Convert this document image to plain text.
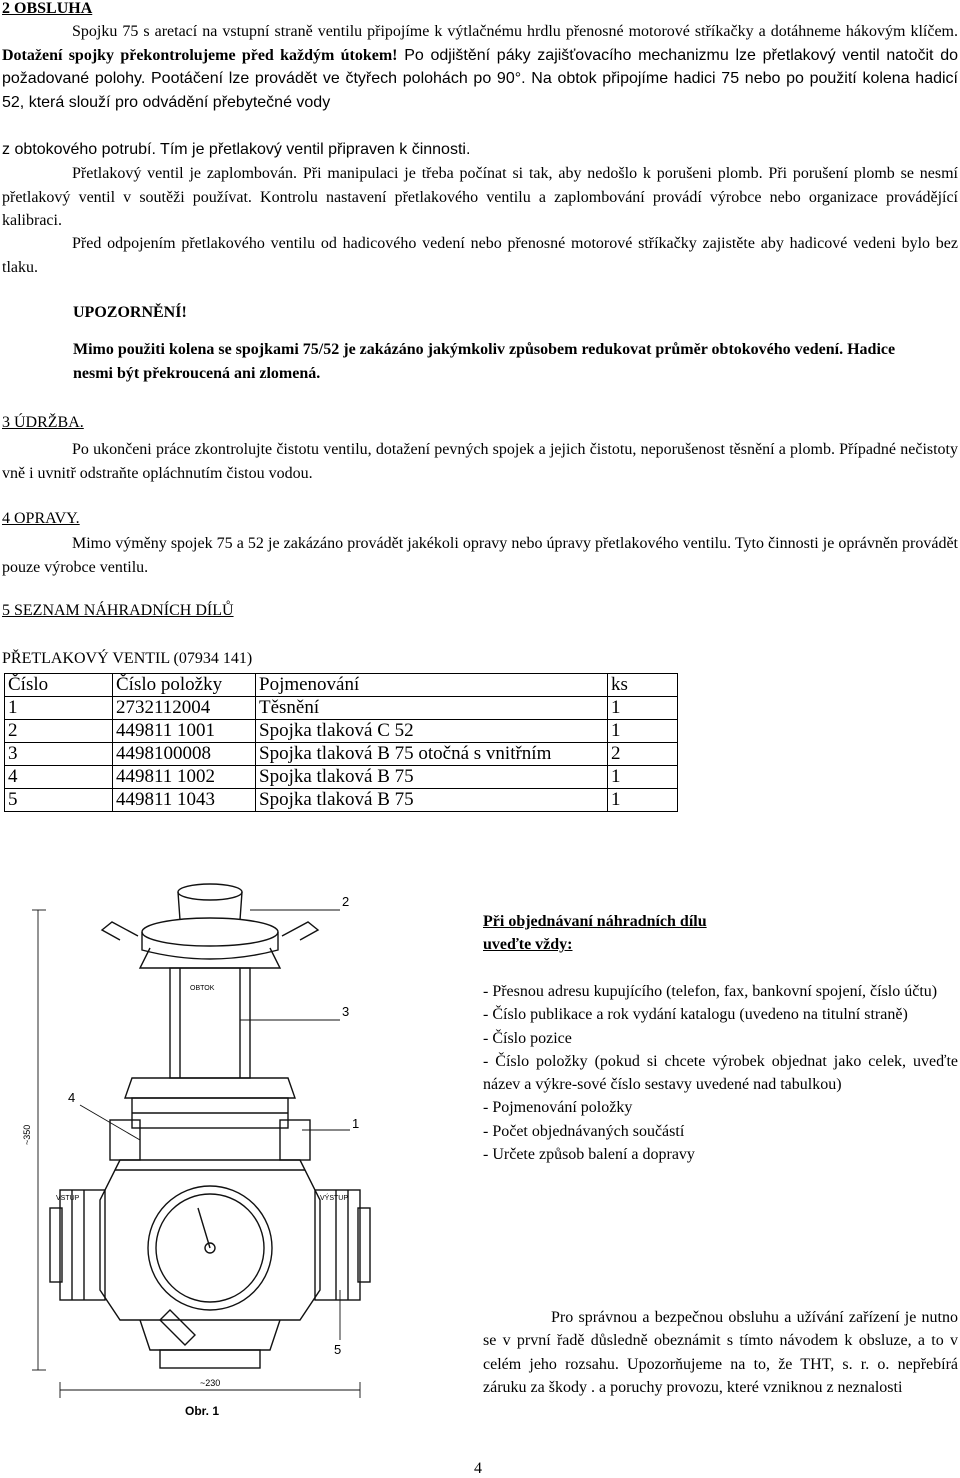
2 OBSLUHA
Spojku 75 s aretací na vstupní straně ventilu připojíme k výtlačnému hrdlu přenosné motorové stříkačky a dotáhneme hákovým klíčem. Dotažení spojky překontrolujeme před každým útokem! Po odjištění páky zajišťovacího mechanizmu lze přetlakový ventil natočit do požadované polohy. Pootáčení lze provádět ve čtyřech polohách po 90°. Na obtok připojíme hadici 75 nebo po použití kolena hadicí 52, která slouží pro odvádění přebytečné vody
z obtokového potrubí. Tím je přetlakový ventil připraven k činnosti.
Přetlakový ventil je zaplombován. Při manipulaci je třeba počínat si tak, aby nedošlo k porušeni plomb. Při porušení plomb se nesmí přetlakový ventil v soutěži používat. Kontrolu nastavení přetlakového ventilu a zaplombování provádí výrobce nebo organizace provádějící kalibraci.
Před odpojením přetlakového ventilu od hadicového vedení nebo přenosné motorové stříkačky zajistěte aby hadicové vedeni bylo bez tlaku.
UPOZORNĚNÍ!
Mimo použiti kolena se spojkami 75/52 je zakázáno jakýmkoliv způsobem redukovat průměr obtokového vedení. Hadice nesmi být překroucená ani zlomená.
3 ÚDRŽBA.
Po ukončeni práce zkontrolujte čistotu ventilu, dotažení pevných spojek a jejich čistotu, neporušenost těsnění a plomb. Případné nečistoty vně i uvnitř odstraňte opláchnutím čistou vodou.
4 OPRAVY.
Mimo výměny spojek 75 a 52 je zakázáno provádět jakékoli opravy nebo úpravy přetlakového ventilu. Tyto činnosti je oprávněn provádět pouze výrobce ventilu.
5 SEZNAM NÁHRADNÍCH DÍLŮ
PŘETLAKOVÝ VENTIL (07934 141)
Číslo	Číslo položky	Pojmenování	ks
1	2732112004	Těsnění	1
2	449811 1001	Spojka tlaková C 52	1
3	4498100008	Spojka tlaková B 75 otočná s vnitřním	2
4	449811 1002	Spojka tlaková B 75	1
5	449811 1043	Spojka tlaková B 75	1
2
3
1
4
5
OBTOK
VSTUP	VÝSTUP
~350
~230
Obr. 1
Při objednávaní náhradních dílu
uveďte vždy:
- Přesnou adresu kupujícího (telefon, fax, bankovní spojení, číslo účtu)
- Číslo publikace a rok vydání katalogu (uvedeno na titulní straně)
- Číslo pozice
- Číslo položky (pokud si chcete výrobek objednat jako celek, uveďte název a výkre-sové číslo sestavy uvedené nad tabulkou)
- Pojmenování položky
- Počet objednávaných součástí
- Určete způsob balení a dopravy
Pro správnou a bezpečnou obsluhu a užívání zařízení je nutno se v první řadě důsledně obeznámit s tímto návodem k obsluze, a to v celém jeho rozsahu. Upozorňujeme na to, že THT, s. r. o. nepřebírá záruku za škody . a poruchy provozu, které vzniknou z neznalosti
4
